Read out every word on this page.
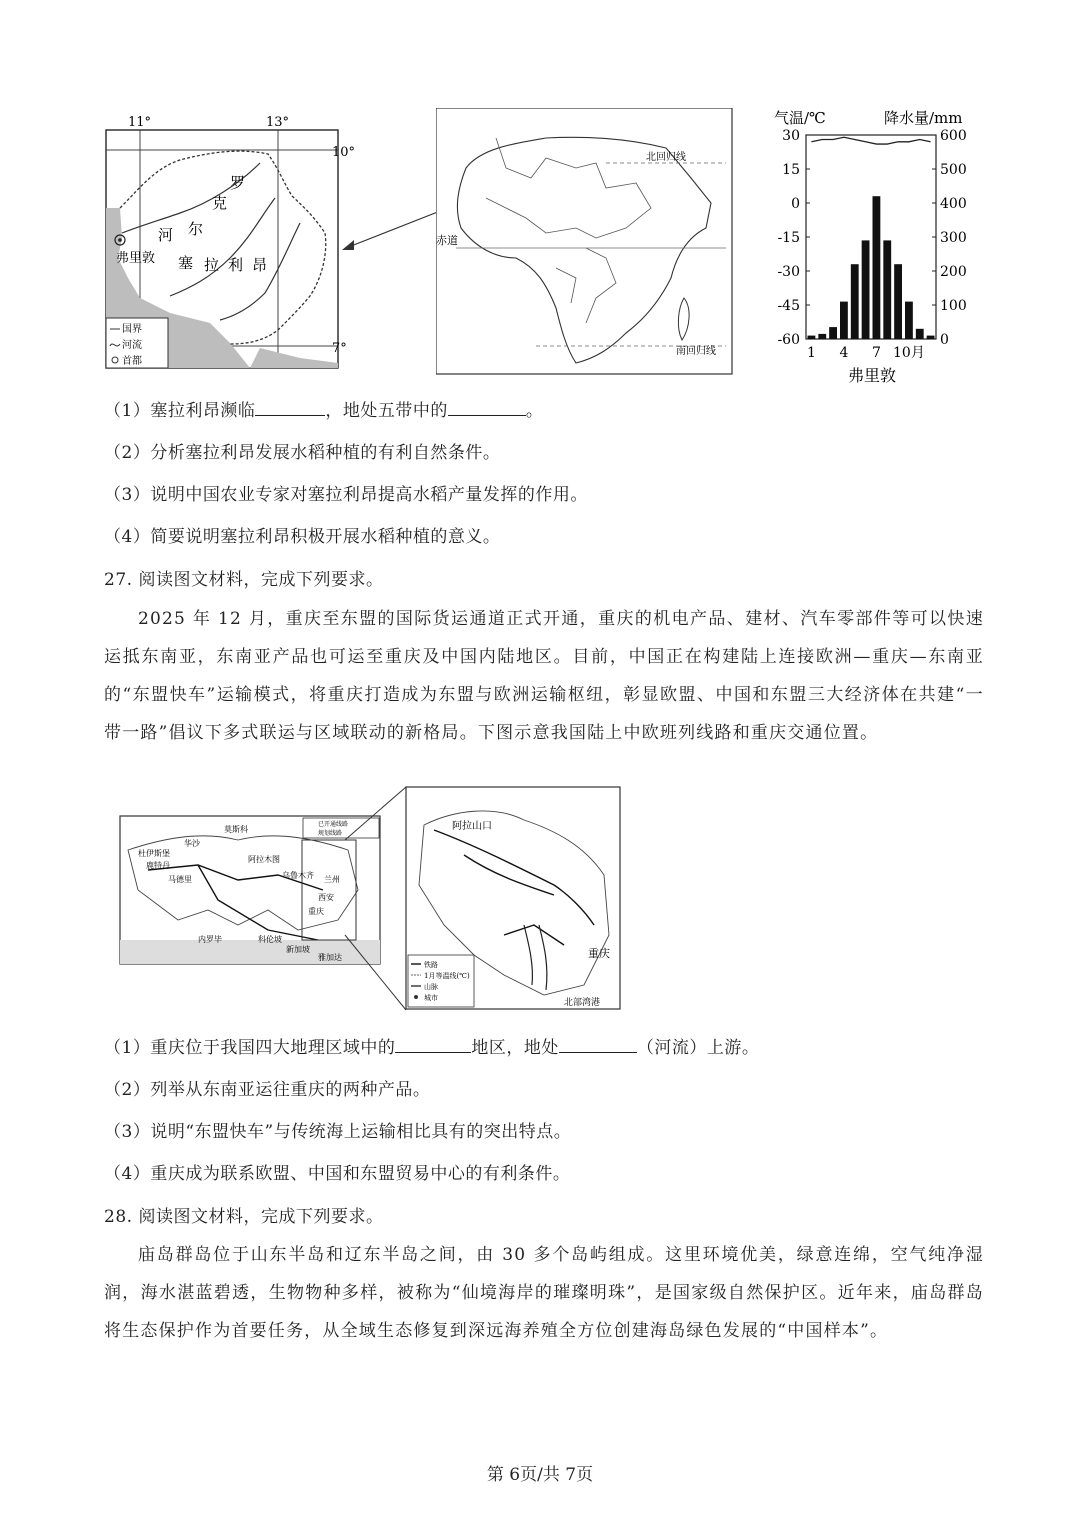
11°	13°
10°
7°
罗
克
尔
河
塞 拉 利 昂
弗里敦
国界
河流
首都
北回归线
赤道
南回归线
气温/℃	降水量/mm
30	600
15	500
0	400
-15	300
-30	200
-45	100
-60	0
1 4 7 10月
弗里敦
（1）塞拉利昂濒临	，地处五带中的	。
（2）分析塞拉利昂发展水稻种植的有利自然条件。
（3）说明中国农业专家对塞拉利昂提高水稻产量发挥的作用。
（4）简要说明塞拉利昂积极开展水稻种植的意义。
27. 阅读图文材料，完成下列要求。
2025 年 12 月，重庆至东盟的国际货运通道正式开通，重庆的机电产品、建材、汽车零部件等可以快速运抵东南亚，东南亚产品也可运至重庆及中国内陆地区。目前，中国正在构建陆上连接欧洲—重庆—东南亚的“东盟快车”运输模式，将重庆打造成为东盟与欧洲运输枢纽，彰显欧盟、中国和东盟三大经济体在共建“一带一路”倡议下多式联运与区域联动的新格局。下图示意我国陆上中欧班列线路和重庆交通位置。
已开通线路
规划线路
莫斯科
华沙
杜伊斯堡
鹿特丹
马德里
阿拉木图
乌鲁木齐 兰州
西安
重庆
内罗毕	科伦坡
新加坡
雅加达
阿拉山口
重庆
北部湾港
铁路
1月等温线(℃)
山脉
城市
（1）重庆位于我国四大地理区域中的	地区，地处	（河流）上游。
（2）列举从东南亚运往重庆的两种产品。
（3）说明“东盟快车”与传统海上运输相比具有的突出特点。
（4）重庆成为联系欧盟、中国和东盟贸易中心的有利条件。
28. 阅读图文材料，完成下列要求。
庙岛群岛位于山东半岛和辽东半岛之间，由 30 多个岛屿组成。这里环境优美，绿意连绵，空气纯净湿润，海水湛蓝碧透，生物物种多样，被称为“仙境海岸的璀璨明珠”，是国家级自然保护区。近年来，庙岛群岛将生态保护作为首要任务，从全域生态修复到深远海养殖全方位创建海岛绿色发展的“中国样本”。
第 6页/共 7页
